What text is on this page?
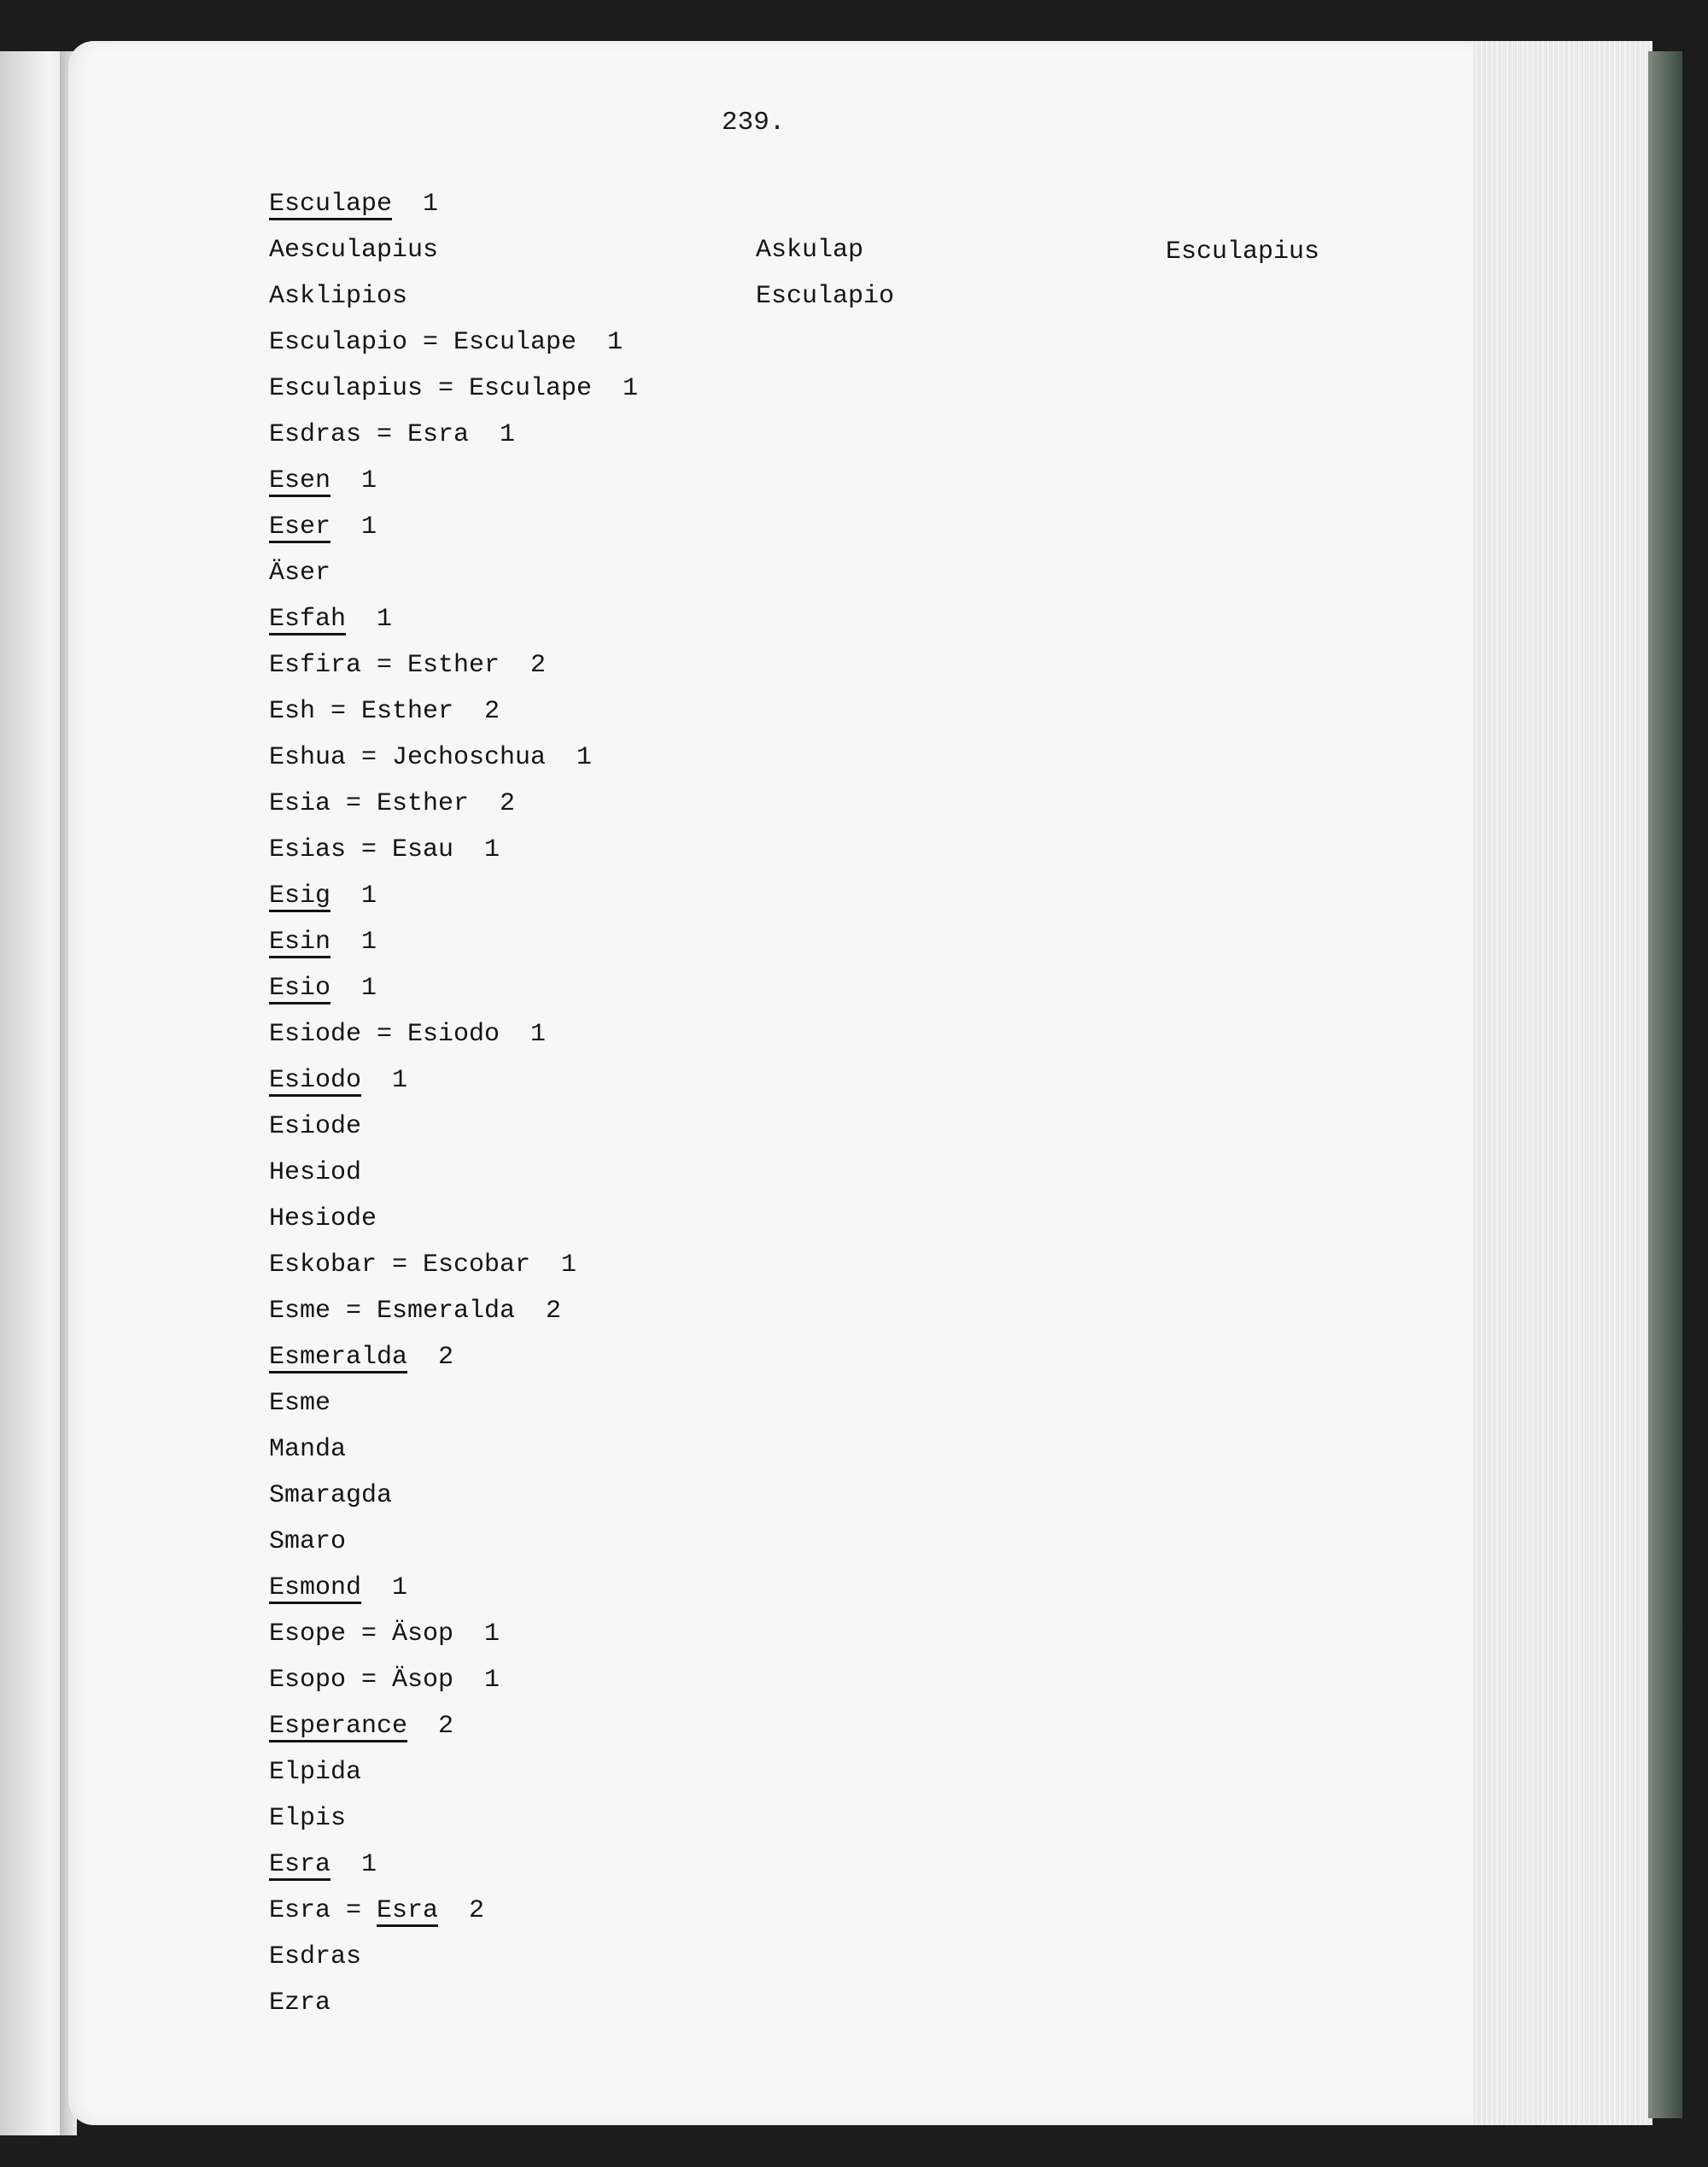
239.
Esculape  1
Aesculapius
Asklipios
Esculapio = Esculape  1
Esculapius = Esculape  1
Esdras = Esra  1
Esen  1
Eser  1
Äser
Esfah  1
Esfira = Esther  2
Esh = Esther  2
Eshua = Jechoschua  1
Esia = Esther  2
Esias = Esau  1
Esig  1
Esin  1
Esio  1
Esiode = Esiodo  1
Esiodo  1
Esiode
Hesiod
Hesiode
Eskobar = Escobar  1
Esme = Esmeralda  2
Esmeralda  2
Esme
Manda
Smaragda
Smaro
Esmond  1
Esope = Äsop  1
Esopo = Äsop  1
Esperance  2
Elpida
Elpis
Esra  1
Esra = Esra  2
Esdras
Ezra
Askulap
Esculapio
Esculapius
